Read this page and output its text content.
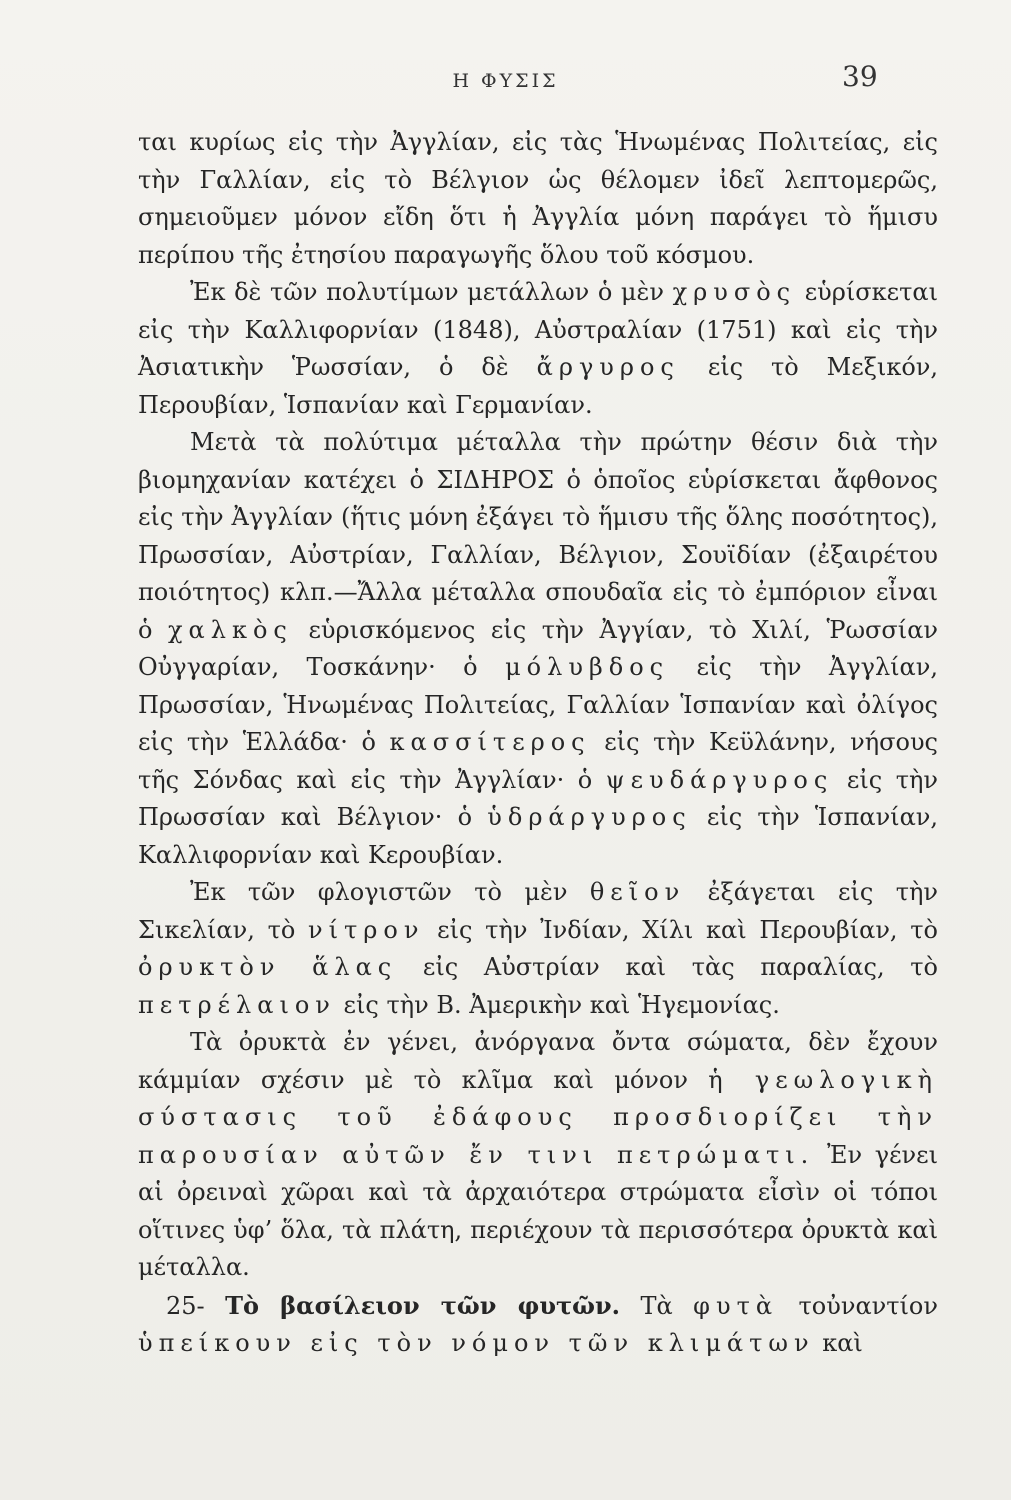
Η ΦΥΣΙΣ	39

ται κυρίως εἰς τὴν Ἀγγλίαν, εἰς τὰς Ἡνωμένας Πολιτείας, εἰς τὴν Γαλλίαν, εἰς τὸ Βέλγιον ὡς θέλομεν ἰδεῖ λεπτομερῶς, σημειοῦμεν μόνον εἴδη ὅτι ἡ Ἀγγλία μόνη παράγει τὸ ἥμισυ περίπου τῆς ἐτησίου παραγωγῆς ὅλου τοῦ κόσμου.

Ἐκ δὲ τῶν πολυτίμων μετάλλων ὁ μὲν χρυσὸς εὑρίσκεται εἰς τὴν Καλλιφορνίαν (1848), Αὐστραλίαν (1751) καὶ εἰς τὴν Ἀσιατικὴν Ῥωσσίαν, ὁ δὲ ἄργυρος εἰς τὸ Μεξικόν, Περουβίαν, Ἱσπανίαν καὶ Γερμανίαν.

Μετὰ τὰ πολύτιμα μέταλλα τὴν πρώτην θέσιν διὰ τὴν βιομηχανίαν κατέχει ὁ ΣΙΔΗΡΟΣ ὁ ὁποῖος εὑρίσκεται ἄφθονος εἰς τὴν Ἀγγλίαν (ἥτις μόνη ἐξάγει τὸ ἥμισυ τῆς ὅλης ποσότητος), Πρωσσίαν, Αὐστρίαν, Γαλλίαν, Βέλγιον, Σουϊδίαν (ἐξαιρέτου ποιότητος) κλπ.—Ἄλλα μέταλλα σπουδαῖα εἰς τὸ ἐμπόριον εἶναι ὁ χαλκὸς εὑρισκόμενος εἰς τὴν Ἀγγίαν, τὸ Χιλί, Ῥωσσίαν Οὐγγαρίαν, Τοσκάνην· ὁ μόλυβδος εἰς τὴν Ἀγγλίαν, Πρωσσίαν, Ἡνωμένας Πολιτείας, Γαλλίαν Ἱσπανίαν καὶ ὀλίγος εἰς τὴν Ἑλλάδα· ὁ κασσίτερος εἰς τὴν Κεϋλάνην, νήσους τῆς Σόνδας καὶ εἰς τὴν Ἀγγλίαν· ὁ ψευδάργυρος εἰς τὴν Πρωσσίαν καὶ Βέλγιον· ὁ ὑδράργυρος εἰς τὴν Ἱσπανίαν, Καλλιφορνίαν καὶ Κερουβίαν.

Ἐκ τῶν φλογιστῶν τὸ μὲν θεῖον ἐξάγεται εἰς τὴν Σικελίαν, τὸ νίτρον εἰς τὴν Ἰνδίαν, Χίλι καὶ Περουβίαν, τὸ ὀρυκτὸν ἅλας εἰς Αὐστρίαν καὶ τὰς παραλίας, τὸ πετρέλαιον εἰς τὴν Β. Ἀμερικὴν καὶ Ἡγεμονίας.

Τὰ ὀρυκτὰ ἐν γένει, ἀνόργανα ὄντα σώματα, δὲν ἔχουν κάμμίαν σχέσιν μὲ τὸ κλῖμα καὶ μόνον ἡ γεωλογικὴ σύστασις τοῦ ἐδάφους προσδιορίζει τὴν παρουσίαν αὐτῶν ἔν τινι πετρώματι. Ἐν γένει αἱ ὀρειναὶ χῶραι καὶ τὰ ἀρχαιότερα στρώματα εἶσὶν οἱ τόποι οἵτινες ὑφ’ ὅλα, τὰ πλάτη, περιέχουν τὰ περισσότερα ὀρυκτὰ καὶ μέταλλα.

25- Τὸ βασίλειον τῶν φυτῶν. Τὰ φυτὰ τοὐναντίον ὑπείκουν εἰς τὸν νόμον τῶν κλιμάτων καὶ
